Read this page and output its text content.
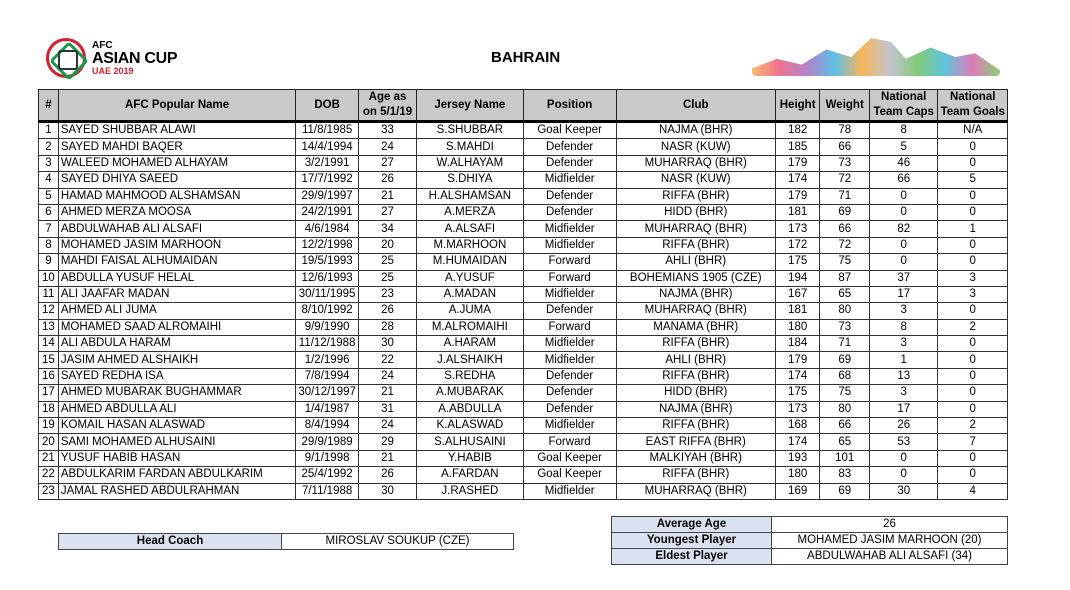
AFC
ASIAN CUP
UAE 2019
BAHRAIN
#	AFC Popular Name	DOB	Age as on 5/1/19	Jersey Name	Position	Club	Height	Weight	National Team Caps	National Team Goals
1	SAYED SHUBBAR ALAWI	11/8/1985	33	S.SHUBBAR	Goal Keeper	NAJMA (BHR)	182	78	8	N/A
2	SAYED MAHDI BAQER	14/4/1994	24	S.MAHDI	Defender	NASR (KUW)	185	66	5	0
3	WALEED MOHAMED ALHAYAM	3/2/1991	27	W.ALHAYAM	Defender	MUHARRAQ (BHR)	179	73	46	0
4	SAYED DHIYA SAEED	17/7/1992	26	S.DHIYA	Midfielder	NASR (KUW)	174	72	66	5
5	HAMAD MAHMOOD ALSHAMSAN	29/9/1997	21	H.ALSHAMSAN	Defender	RIFFA (BHR)	179	71	0	0
6	AHMED MERZA MOOSA	24/2/1991	27	A.MERZA	Defender	HIDD (BHR)	181	69	0	0
7	ABDULWAHAB ALI ALSAFI	4/6/1984	34	A.ALSAFI	Midfielder	MUHARRAQ (BHR)	173	66	82	1
8	MOHAMED JASIM MARHOON	12/2/1998	20	M.MARHOON	Midfielder	RIFFA (BHR)	172	72	0	0
9	MAHDI FAISAL ALHUMAIDAN	19/5/1993	25	M.HUMAIDAN	Forward	AHLI (BHR)	175	75	0	0
10	ABDULLA YUSUF HELAL	12/6/1993	25	A.YUSUF	Forward	BOHEMIANS 1905 (CZE)	194	87	37	3
11	ALI JAAFAR MADAN	30/11/1995	23	A.MADAN	Midfielder	NAJMA (BHR)	167	65	17	3
12	AHMED ALI JUMA	8/10/1992	26	A.JUMA	Defender	MUHARRAQ (BHR)	181	80	3	0
13	MOHAMED SAAD ALROMAIHI	9/9/1990	28	M.ALROMAIHI	Forward	MANAMA (BHR)	180	73	8	2
14	ALI ABDULA HARAM	11/12/1988	30	A.HARAM	Midfielder	RIFFA (BHR)	184	71	3	0
15	JASIM AHMED ALSHAIKH	1/2/1996	22	J.ALSHAIKH	Midfielder	AHLI (BHR)	179	69	1	0
16	SAYED REDHA ISA	7/8/1994	24	S.REDHA	Defender	RIFFA (BHR)	174	68	13	0
17	AHMED MUBARAK BUGHAMMAR	30/12/1997	21	A.MUBARAK	Defender	HIDD (BHR)	175	75	3	0
18	AHMED ABDULLA ALI	1/4/1987	31	A.ABDULLA	Defender	NAJMA (BHR)	173	80	17	0
19	KOMAIL HASAN ALASWAD	8/4/1994	24	K.ALASWAD	Midfielder	RIFFA (BHR)	168	66	26	2
20	SAMI MOHAMED ALHUSAINI	29/9/1989	29	S.ALHUSAINI	Forward	EAST RIFFA (BHR)	174	65	53	7
21	YUSUF HABIB HASAN	9/1/1998	21	Y.HABIB	Goal Keeper	MALKIYAH (BHR)	193	101	0	0
22	ABDULKARIM FARDAN ABDULKARIM	25/4/1992	26	A.FARDAN	Goal Keeper	RIFFA (BHR)	180	83	0	0
23	JAMAL RASHED ABDULRAHMAN	7/11/1988	30	J.RASHED	Midfielder	MUHARRAQ (BHR)	169	69	30	4
Head Coach	MIROSLAV SOUKUP (CZE)
Average Age	26
Youngest Player	MOHAMED JASIM MARHOON (20)
Eldest Player	ABDULWAHAB ALI ALSAFI (34)
